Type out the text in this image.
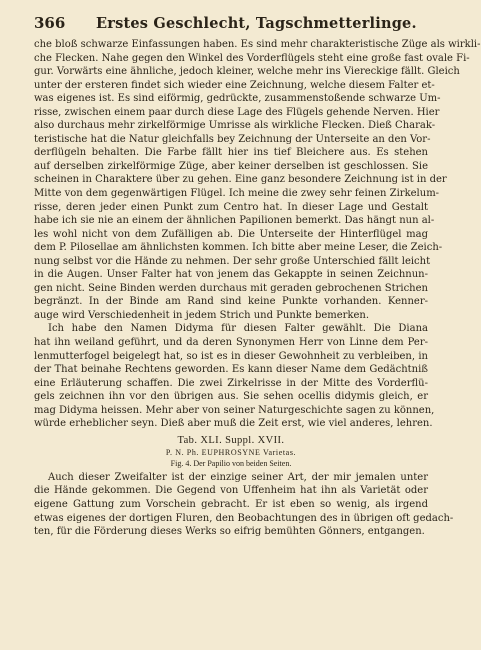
366	Erstes Geschlecht, Tagschmetterlinge.

che bloß schwarze Einfassungen haben. Es sind mehr charakteristische Züge als wirkli-
che Flecken. Nahe gegen den Winkel des Vorderflügels steht eine große fast ovale Fi-
gur. Vorwärts eine ähnliche, jedoch kleiner, welche mehr ins Viereckige fällt. Gleich
unter der ersteren findet sich wieder eine Zeichnung, welche diesem Falter et-
was eigenes ist. Es sind eiförmig, gedrückte, zusammenstoßende schwarze Um-
risse, zwischen einem paar durch diese Lage des Flügels gehende Nerven. Hier
also durchaus mehr zirkelförmige Umrisse als wirkliche Flecken. Dieß Charak-
teristische hat die Natur gleichfalls bey Zeichnung der Unterseite an den Vor-
derflügeln behalten. Die Farbe fällt hier ins tief Bleichere aus. Es stehen
auf derselben zirkelförmige Züge, aber keiner derselben ist geschlossen. Sie
scheinen in Charaktere über zu gehen. Eine ganz besondere Zeichnung ist in der
Mitte von dem gegenwärtigen Flügel. Ich meine die zwey sehr feinen Zirkelum-
risse, deren jeder einen Punkt zum Centro hat. In dieser Lage und Gestalt
habe ich sie nie an einem der ähnlichen Papilionen bemerkt. Das hängt nun al-
les wohl nicht von dem Zufälligen ab. Die Unterseite der Hinterflügel mag
dem P. Pilosellae am ähnlichsten kommen. Ich bitte aber meine Leser, die Zeich-
nung selbst vor die Hände zu nehmen. Der sehr große Unterschied fällt leicht
in die Augen. Unser Falter hat von jenem das Gekappte in seinen Zeichnun-
gen nicht. Seine Binden werden durchaus mit geraden gebrochenen Strichen
begränzt. In der Binde am Rand sind keine Punkte vorhanden. Kenner-
auge wird Verschiedenheit in jedem Strich und Punkte bemerken.

Ich habe den Namen Didyma für diesen Falter gewählt. Die Diana
hat ihn weiland geführt, und da deren Synonymen Herr von Linne dem Per-
lenmutterfogel beigelegt hat, so ist es in dieser Gewohnheit zu verbleiben, in
der That beinahe Rechtens geworden. Es kann dieser Name dem Gedächtniß
eine Erläuterung schaffen. Die zwei Zirkelrisse in der Mitte des Vorderflü-
gels zeichnen ihn vor den übrigen aus. Sie sehen ocellis didymis gleich, er
mag Didyma heissen. Mehr aber von seiner Naturgeschichte sagen zu können,
würde erheblicher seyn. Dieß aber muß die Zeit erst, wie viel anderes, lehren.

Tab. XLI. Suppl. XVII.
P. N. Ph. EUPHROSYNE Varietas.
Fig. 4. Der Papilio von beiden Seiten.

Auch dieser Zweifalter ist der einzige seiner Art, der mir jemalen unter
die Hände gekommen. Die Gegend von Uffenheim hat ihn als Varietät oder
eigene Gattung zum Vorschein gebracht. Er ist eben so wenig, als irgend
etwas eigenes der dortigen Fluren, den Beobachtungen des in übrigen oft gedach-
ten, für die Förderung dieses Werks so eifrig bemühten Gönners, entgangen.
